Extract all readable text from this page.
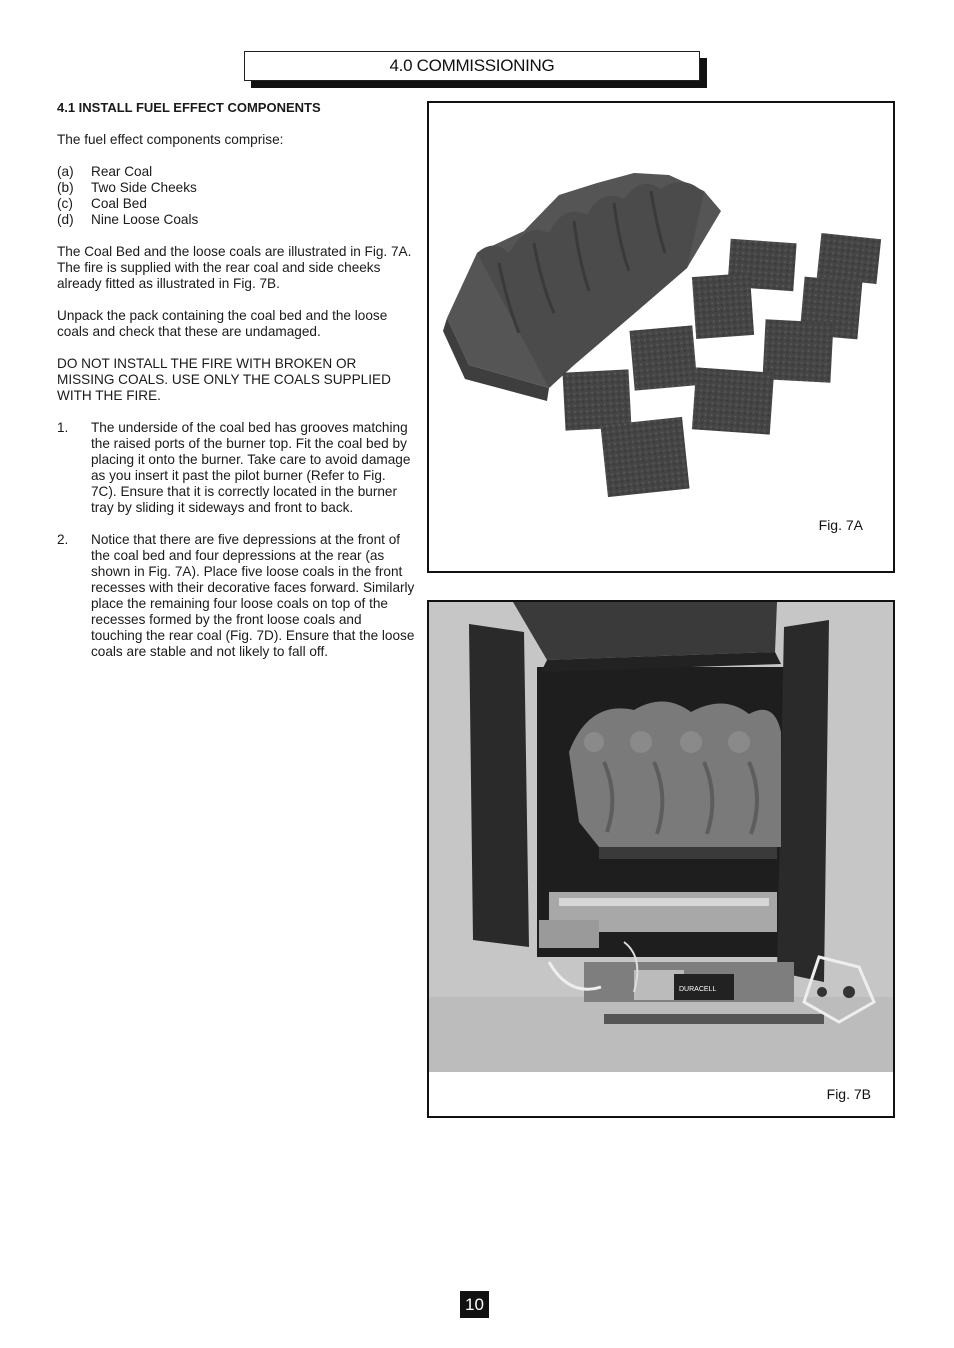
4.0 COMMISSIONING
4.1 INSTALL FUEL EFFECT COMPONENTS
The fuel effect components comprise:
(a)	Rear Coal
(b)	Two Side Cheeks
(c)	Coal Bed
(d)	Nine Loose Coals
The Coal Bed and the loose coals are illustrated in Fig. 7A. The fire is supplied with the rear coal and side cheeks already fitted as illustrated in Fig. 7B.
Unpack the pack containing the coal bed and the loose coals and check that these are undamaged.
DO NOT INSTALL THE FIRE WITH BROKEN OR MISSING COALS. USE ONLY THE COALS SUPPLIED WITH THE FIRE.
1.	The underside of the coal bed has grooves matching the raised ports of the burner top. Fit the coal bed by placing it onto the burner. Take care to avoid damage as you insert it past the pilot burner (Refer to Fig. 7C). Ensure that it is correctly located in the burner tray by sliding it sideways and front to back.
2.	Notice that there are five depressions at the front of the coal bed and four depressions at the rear (as shown in Fig. 7A). Place five loose coals in the front recesses with their decorative faces forward. Similarly place the remaining four loose coals on top of the recesses formed by the front loose coals and touching the rear coal (Fig. 7D). Ensure that the loose coals are stable and not likely to fall off.
Fig. 7A
DURACELL
Fig. 7B
10
